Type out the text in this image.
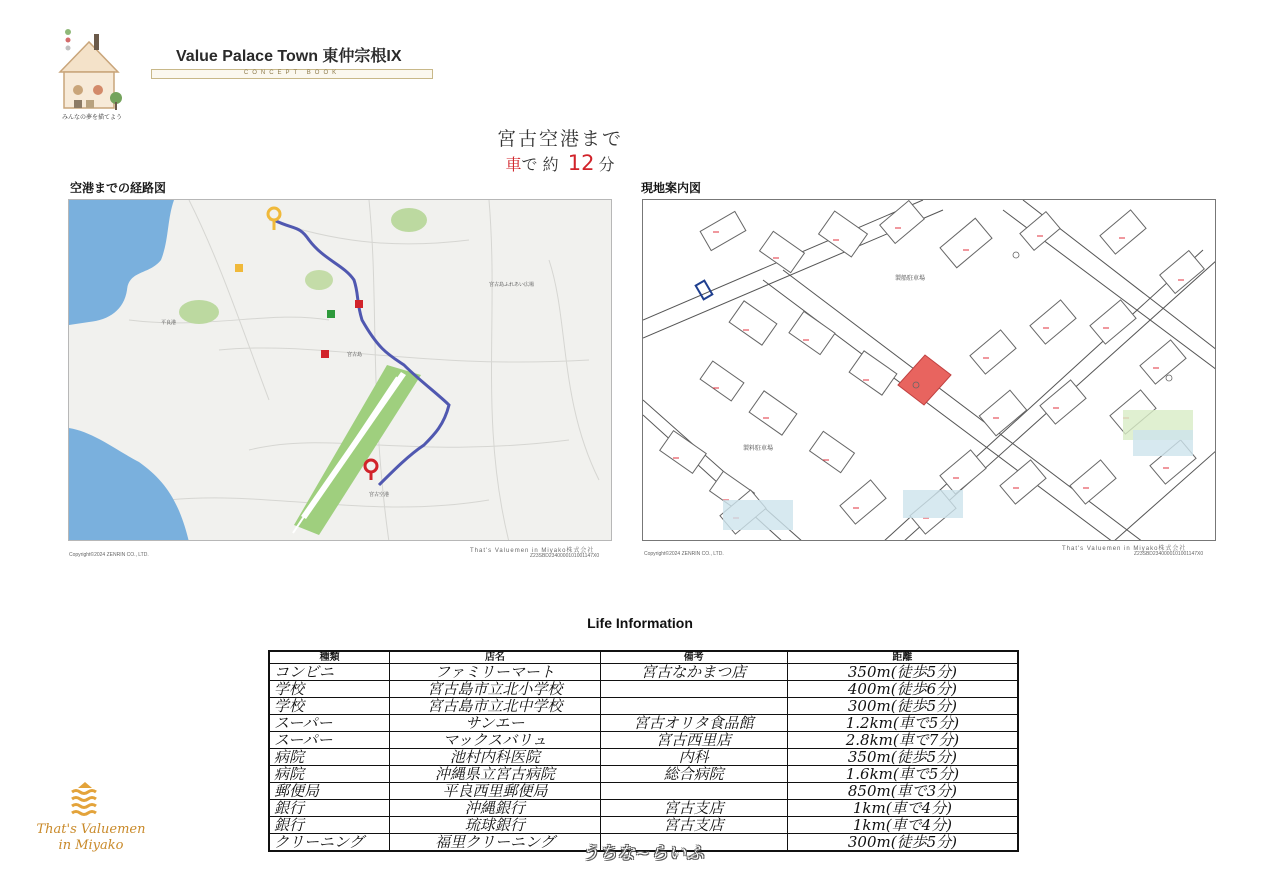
みんなの夢を描てよう
Value Palace Town 東仲宗根IX
CONCEPT BOOK
宮古空港まで
車で 約 12 分
空港までの経路図	現地案内図
宮古島ふれあい広場
平良港
宮古島
宮古空港
Copyright©2024 ZENRIN CO., LTD.
That's Valuemen in Miyako株式会社
Z23SBD2340000101001147X0
製船駐車場
製料駐車場
Copyright©2024 ZENRIN CO., LTD.
That's Valuemen in Miyako株式会社
Z23SBD2340000101001147X0
Life Information
種類	店名	備考	距離
コンビニ	ファミリーマート	宮古なかまつ店	350m(徒歩5分)
学校	宮古島市立北小学校		400m(徒歩6分)
学校	宮古島市立北中学校		300m(徒歩5分)
スーパー	サンエー	宮古オリタ食品館	1.2km(車で5分)
スーパー	マックスバリュ	宮古西里店	2.8km(車で7分)
病院	池村内科医院	内科	350m(徒歩5分)
病院	沖縄県立宮古病院	総合病院	1.6km(車で5分)
郵便局	平良西里郵便局		850m(車で3分)
銀行	沖縄銀行	宮古支店	1km(車で4分)
銀行	琉球銀行	宮古支店	1km(車で4分)
クリーニング	福里クリーニング		300m(徒歩5分)
うちな~らいふ
That's Valuemen
in Miyako
